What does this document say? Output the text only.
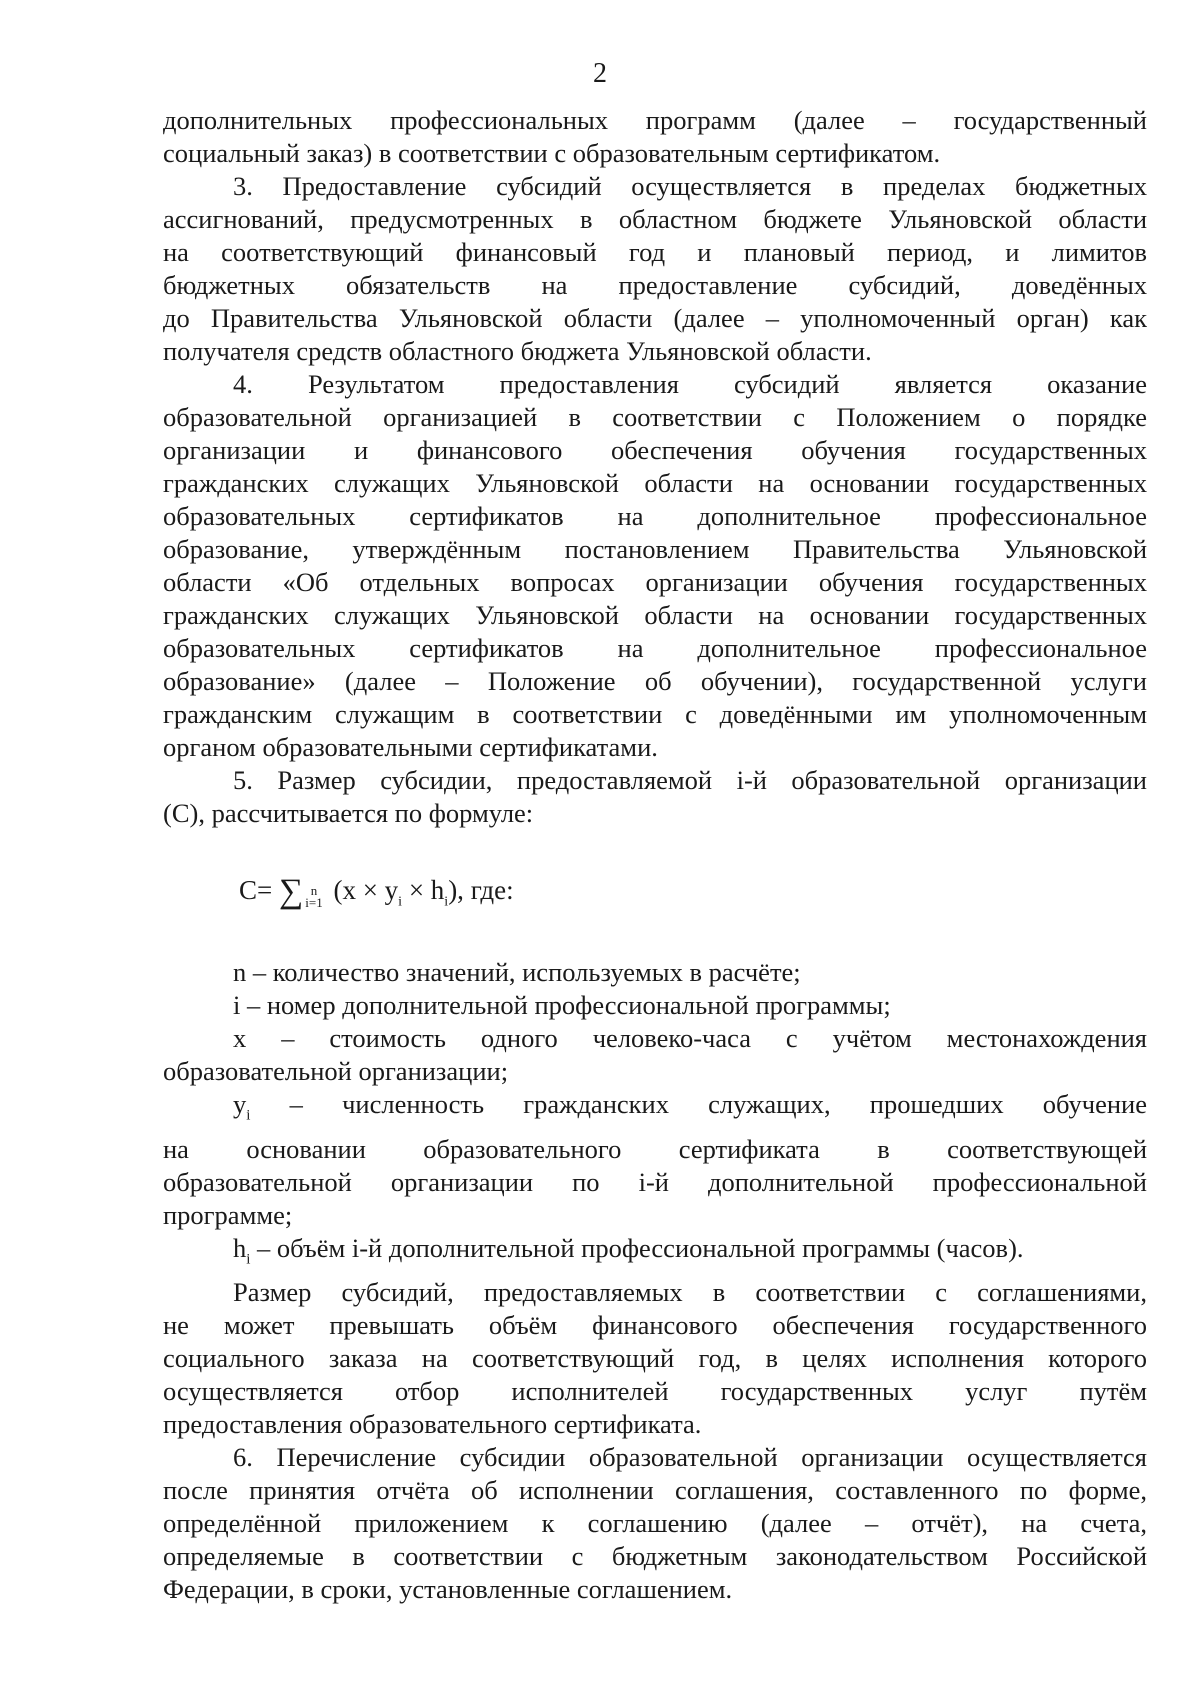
2
дополнительных профессиональных программ (далее – государственный
социальный заказ) в соответствии с образовательным сертификатом.
3. Предоставление субсидий осуществляется в пределах бюджетных
ассигнований, предусмотренных в областном бюджете Ульяновской области
на соответствующий финансовый год и плановый период, и лимитов
бюджетных обязательств на предоставление субсидий, доведённых
до Правительства Ульяновской области (далее – уполномоченный орган) как
получателя средств областного бюджета Ульяновской области.
4. Результатом предоставления субсидий является оказание
образовательной организацией в соответствии с Положением о порядке
организации и финансового обеспечения обучения государственных
гражданских служащих Ульяновской области на основании государственных
образовательных сертификатов на дополнительное профессиональное
образование, утверждённым постановлением Правительства Ульяновской
области «Об отдельных вопросах организации обучения государственных
гражданских служащих Ульяновской области на основании государственных
образовательных сертификатов на дополнительное профессиональное
образование» (далее – Положение об обучении), государственной услуги
гражданским служащим в соответствии с доведёнными им уполномоченным
органом образовательными сертификатами.
5. Размер субсидии, предоставляемой i-й образовательной организации
(С), рассчитывается по формуле:
С= ∑ n
i=1 $(x \times y_i \times h_i)$, где:
n – количество значений, используемых в расчёте;
i – номер дополнительной профессиональной программы;
x – стоимость одного человеко-часа с учётом местонахождения
образовательной организации;
$y_i$ – численность гражданских служащих, прошедших обучение
на основании образовательного сертификата в соответствующей
образовательной организации по i-й дополнительной профессиональной
программе;
$h_i$ – объём i-й дополнительной профессиональной программы (часов).
Размер субсидий, предоставляемых в соответствии с соглашениями,
не может превышать объём финансового обеспечения государственного
социального заказа на соответствующий год, в целях исполнения которого
осуществляется отбор исполнителей государственных услуг путём
предоставления образовательного сертификата.
6. Перечисление субсидии образовательной организации осуществляется
после принятия отчёта об исполнении соглашения, составленного по форме,
определённой приложением к соглашению (далее – отчёт), на счета,
определяемые в соответствии с бюджетным законодательством Российской
Федерации, в сроки, установленные соглашением.
